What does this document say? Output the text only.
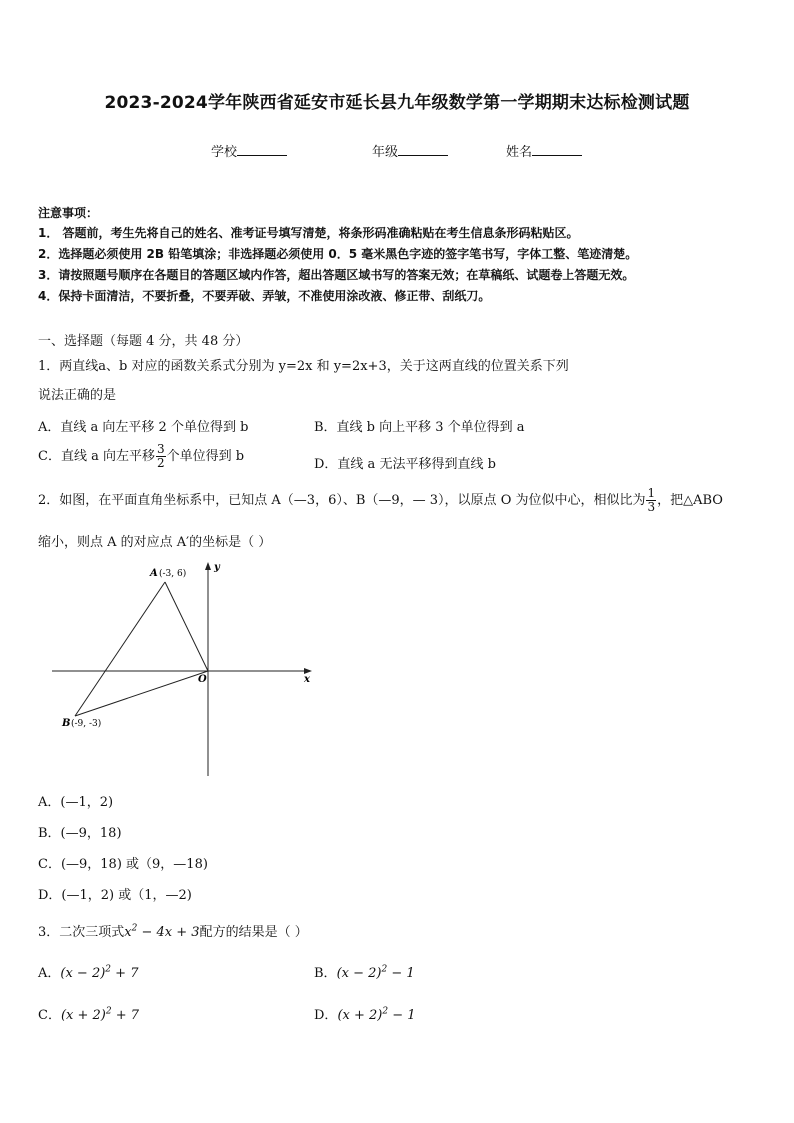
2023-2024学年陕西省延安市延长县九年级数学第一学期期末达标检测试题
学校	年级	姓名
注意事项：
1． 答题前，考生先将自己的姓名、准考证号填写清楚，将条形码准确粘贴在考生信息条形码粘贴区。
2．选择题必须使用 2B 铅笔填涂；非选择题必须使用 0．5 毫米黑色字迹的签字笔书写，字体工整、笔迹清楚。
3．请按照题号顺序在各题目的答题区域内作答，超出答题区域书写的答案无效；在草稿纸、试题卷上答题无效。
4．保持卡面清洁，不要折叠，不要弄破、弄皱，不准使用涂改液、修正带、刮纸刀。
一、选择题（每题 4 分，共 48 分）
1．两直线a、b 对应的函数关系式分别为 y=2x 和 y=2x+3，关于这两直线的位置关系下列
说法正确的是
A．直线 a 向左平移 2 个单位得到 b	B．直线 b 向上平移 3 个单位得到 a
C．直线 a 向左平移 $\frac{3}{2}$ 个单位得到 b
D．直线 a 无法平移得到直线 b
2．如图，在平面直角坐标系中，已知点 A（—3，6）、B（—9，— 3），以原点 O 为位似中心，相似比为 $\frac{1}{3}$ ，把△ABO
缩小，则点 A 的对应点 A′的坐标是（ ）
A (-3, 6)
B (-9, -3)
O	x
y
A．(—1，2)
B．(—9，18)
C．(—9，18) 或（9，—18)
D．(—1，2) 或（1，—2)
3．二次三项式$x^2 - 4x + 3$配方的结果是（ ）
A．$(x - 2)^2 + 7$	B．$(x - 2)^2 - 1$
C．$(x + 2)^2 + 7$	D．$(x + 2)^2 - 1$
